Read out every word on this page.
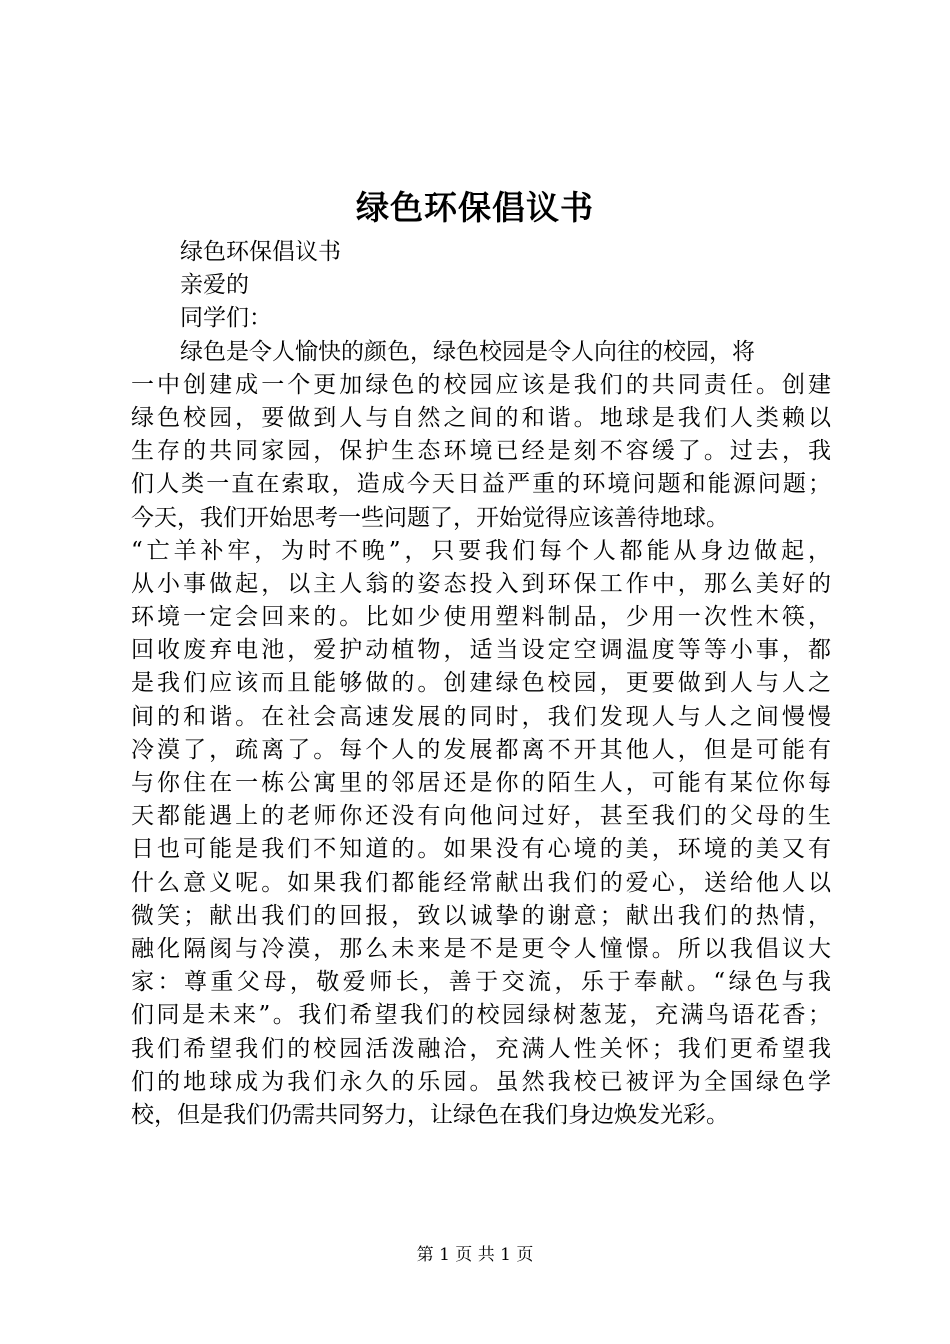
绿色环保倡议书
绿色环保倡议书
亲爱的
同学们：
绿色是令人愉快的颜色，绿色校园是令人向往的校园，将
一中创建成一个更加绿色的校园应该是我们的共同责任。创建
绿色校园，要做到人与自然之间的和谐。地球是我们人类赖以
生存的共同家园，保护生态环境已经是刻不容缓了。过去，我
们人类一直在索取，造成今天日益严重的环境问题和能源问题；
今天，我们开始思考一些问题了，开始觉得应该善待地球。
“亡羊补牢，为时不晚”，只要我们每个人都能从身边做起，
从小事做起，以主人翁的姿态投入到环保工作中，那么美好的
环境一定会回来的。比如少使用塑料制品，少用一次性木筷，
回收废弃电池，爱护动植物，适当设定空调温度等等小事，都
是我们应该而且能够做的。创建绿色校园，更要做到人与人之
间的和谐。在社会高速发展的同时，我们发现人与人之间慢慢
冷漠了，疏离了。每个人的发展都离不开其他人，但是可能有
与你住在一栋公寓里的邻居还是你的陌生人，可能有某位你每
天都能遇上的老师你还没有向他问过好，甚至我们的父母的生
日也可能是我们不知道的。如果没有心境的美，环境的美又有
什么意义呢。如果我们都能经常献出我们的爱心，送给他人以
微笑；献出我们的回报，致以诚挚的谢意；献出我们的热情，
融化隔阂与冷漠，那么未来是不是更令人憧憬。所以我倡议大
家：尊重父母，敬爱师长，善于交流，乐于奉献。“绿色与我
们同是未来”。我们希望我们的校园绿树葱茏，充满鸟语花香；
我们希望我们的校园活泼融洽，充满人性关怀；我们更希望我
们的地球成为我们永久的乐园。虽然我校已被评为全国绿色学
校，但是我们仍需共同努力，让绿色在我们身边焕发光彩。
第 1 页 共 1 页
